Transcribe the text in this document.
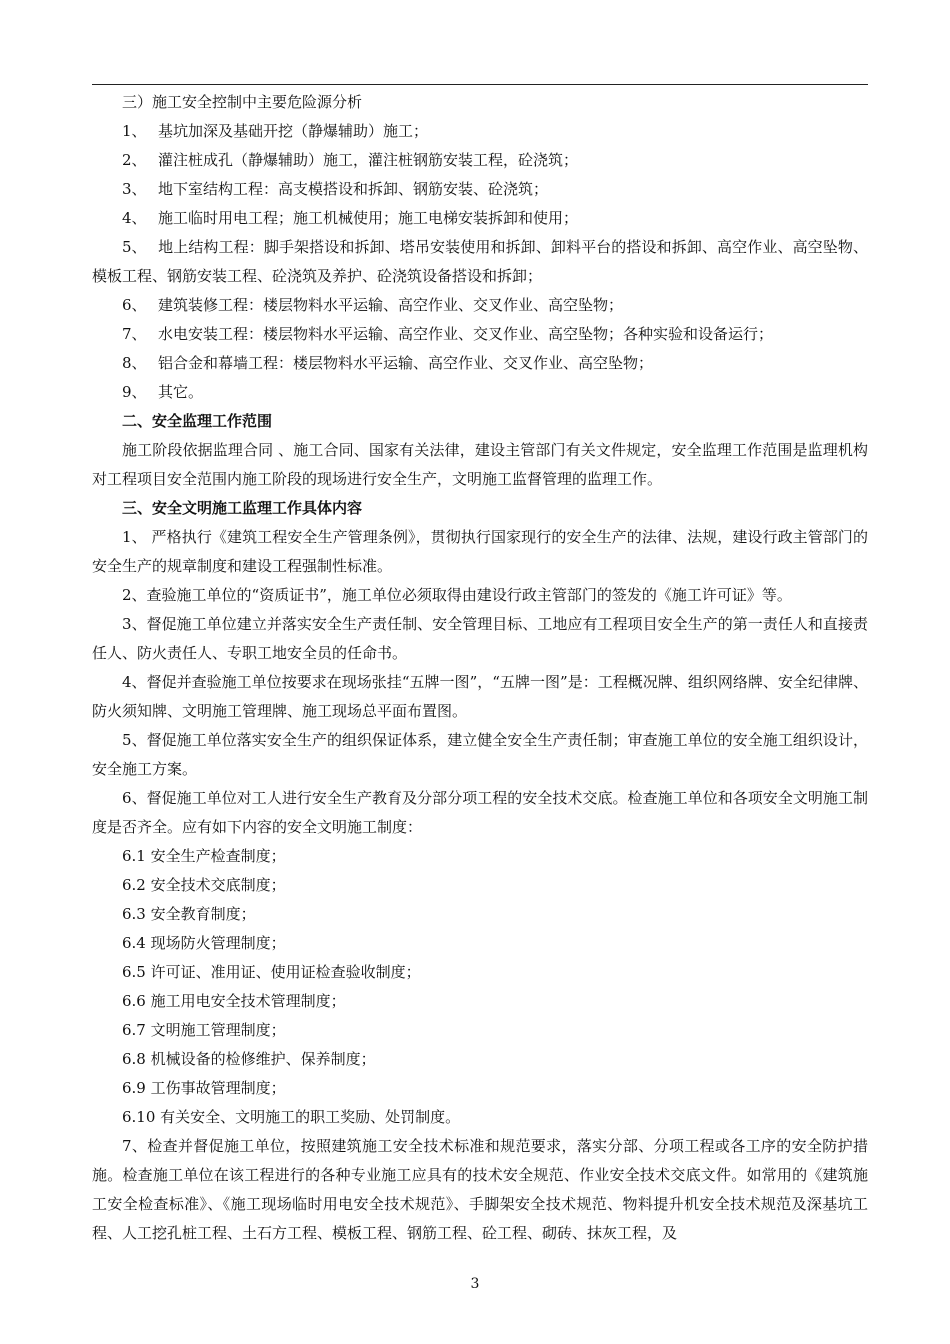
三）施工安全控制中主要危险源分析

1、 基坑加深及基础开挖（静爆辅助）施工；

2、 灌注桩成孔（静爆辅助）施工，灌注桩钢筋安装工程，砼浇筑；

3、 地下室结构工程：高支模搭设和拆卸、钢筋安装、砼浇筑；

4、 施工临时用电工程；施工机械使用；施工电梯安装拆卸和使用；

5、 地上结构工程：脚手架搭设和拆卸、塔吊安装使用和拆卸、卸料平台的搭设和拆卸、高空作业、高空坠物、模板工程、钢筋安装工程、砼浇筑及养护、砼浇筑设备搭设和拆卸；

6、 建筑装修工程：楼层物料水平运输、高空作业、交叉作业、高空坠物；

7、 水电安装工程：楼层物料水平运输、高空作业、交叉作业、高空坠物；各种实验和设备运行；

8、 铝合金和幕墙工程：楼层物料水平运输、高空作业、交叉作业、高空坠物；

9、 其它。

二、安全监理工作范围

施工阶段依据监理合同 、施工合同、国家有关法律，建设主管部门有关文件规定，安全监理工作范围是监理机构对工程项目安全范围内施工阶段的现场进行安全生产，文明施工监督管理的监理工作。

三、安全文明施工监理工作具体内容

1、 严格执行《建筑工程安全生产管理条例》，贯彻执行国家现行的安全生产的法律、法规，建设行政主管部门的安全生产的规章制度和建设工程强制性标准。

2、查验施工单位的“资质证书”，施工单位必须取得由建设行政主管部门的签发的《施工许可证》等。

3、督促施工单位建立并落实安全生产责任制、安全管理目标、工地应有工程项目安全生产的第一责任人和直接责任人、防火责任人、专职工地安全员的任命书。

4、督促并查验施工单位按要求在现场张挂“五牌一图”，“五牌一图”是：工程概况牌、组织网络牌、安全纪律牌、防火须知牌、文明施工管理牌、施工现场总平面布置图。

5、督促施工单位落实安全生产的组织保证体系，建立健全安全生产责任制；审查施工单位的安全施工组织设计，安全施工方案。

6、督促施工单位对工人进行安全生产教育及分部分项工程的安全技术交底。检查施工单位和各项安全文明施工制度是否齐全。应有如下内容的安全文明施工制度：

6.1 安全生产检查制度；

6.2 安全技术交底制度；

6.3 安全教育制度；

6.4 现场防火管理制度；

6.5 许可证、准用证、使用证检查验收制度；

6.6 施工用电安全技术管理制度；

6.7 文明施工管理制度；

6.8 机械设备的检修维护、保养制度；

6.9 工伤事故管理制度；

6.10 有关安全、文明施工的职工奖励、处罚制度。

7、检查并督促施工单位，按照建筑施工安全技术标准和规范要求，落实分部、分项工程或各工序的安全防护措施。检查施工单位在该工程进行的各种专业施工应具有的技术安全规范、作业安全技术交底文件。如常用的《建筑施工安全检查标准》、《施工现场临时用电安全技术规范》、手脚架安全技术规范、物料提升机安全技术规范及深基坑工程、人工挖孔桩工程、土石方工程、模板工程、钢筋工程、砼工程、砌砖、抹灰工程，及

3
